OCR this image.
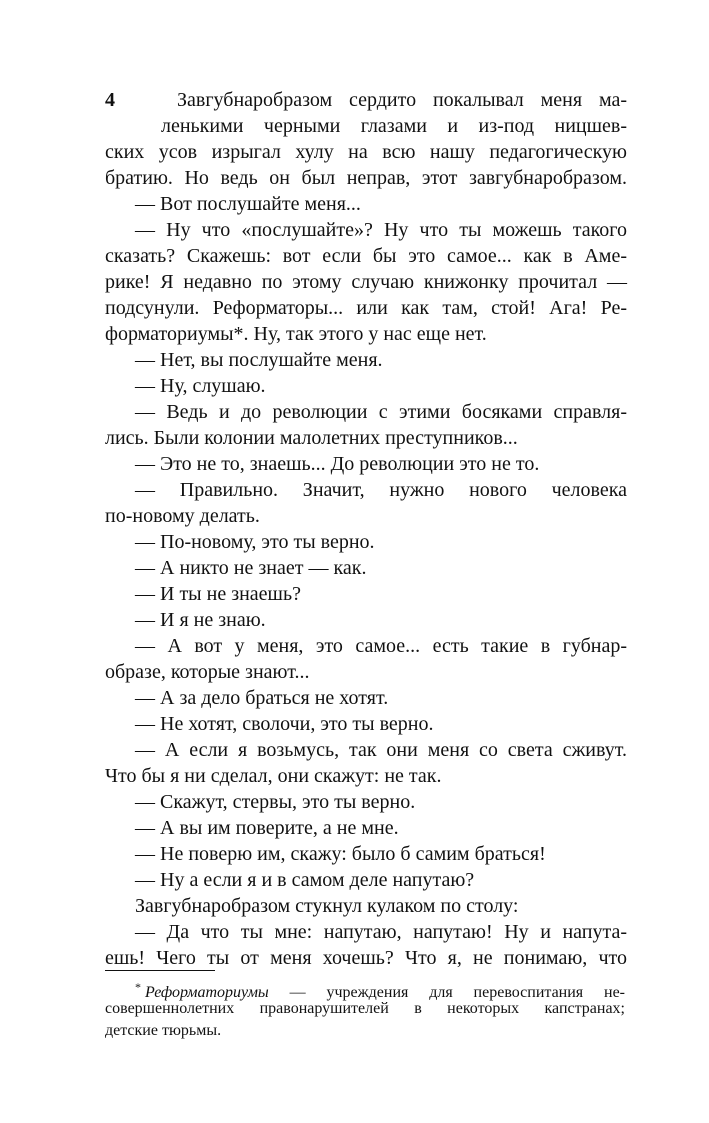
4	Завгубнаробразом сердито покалывал меня ма-
ленькими черными глазами и из-под ницшев-
ских усов изрыгал хулу на всю нашу педагогическую
братию. Но ведь он был неправ, этот завгубнаробразом.
— Вот послушайте меня...
— Ну что «послушайте»? Ну что ты можешь такого
сказать? Скажешь: вот если бы это самое... как в Аме-
рике! Я недавно по этому случаю книжонку прочитал —
подсунули. Реформаторы... или как там, стой! Ага! Ре-
форматориумы*. Ну, так этого у нас еще нет.
— Нет, вы послушайте меня.
— Ну, слушаю.
— Ведь и до революции с этими босяками справля-
лись. Были колонии малолетних преступников...
— Это не то, знаешь... До революции это не то.
— Правильно. Значит, нужно нового человека
по-новому делать.
— По-новому, это ты верно.
— А никто не знает — как.
— И ты не знаешь?
— И я не знаю.
— А вот у меня, это самое... есть такие в губнар-
образе, которые знают...
— А за дело браться не хотят.
— Не хотят, сволочи, это ты верно.
— А если я возьмусь, так они меня со света сживут.
Что бы я ни сделал, они скажут: не так.
— Скажут, стервы, это ты верно.
— А вы им поверите, а не мне.
— Не поверю им, скажу: было б самим браться!
— Ну а если я и в самом деле напутаю?
Завгубнаробразом стукнул кулаком по столу:
— Да что ты мне: напутаю, напутаю! Ну и напута-
ешь! Чего ты от меня хочешь? Что я, не понимаю, что
* Реформаториумы — учреждения для перевоспитания не-
совершеннолетних правонарушителей в некоторых капстранах;
детские тюрьмы.
